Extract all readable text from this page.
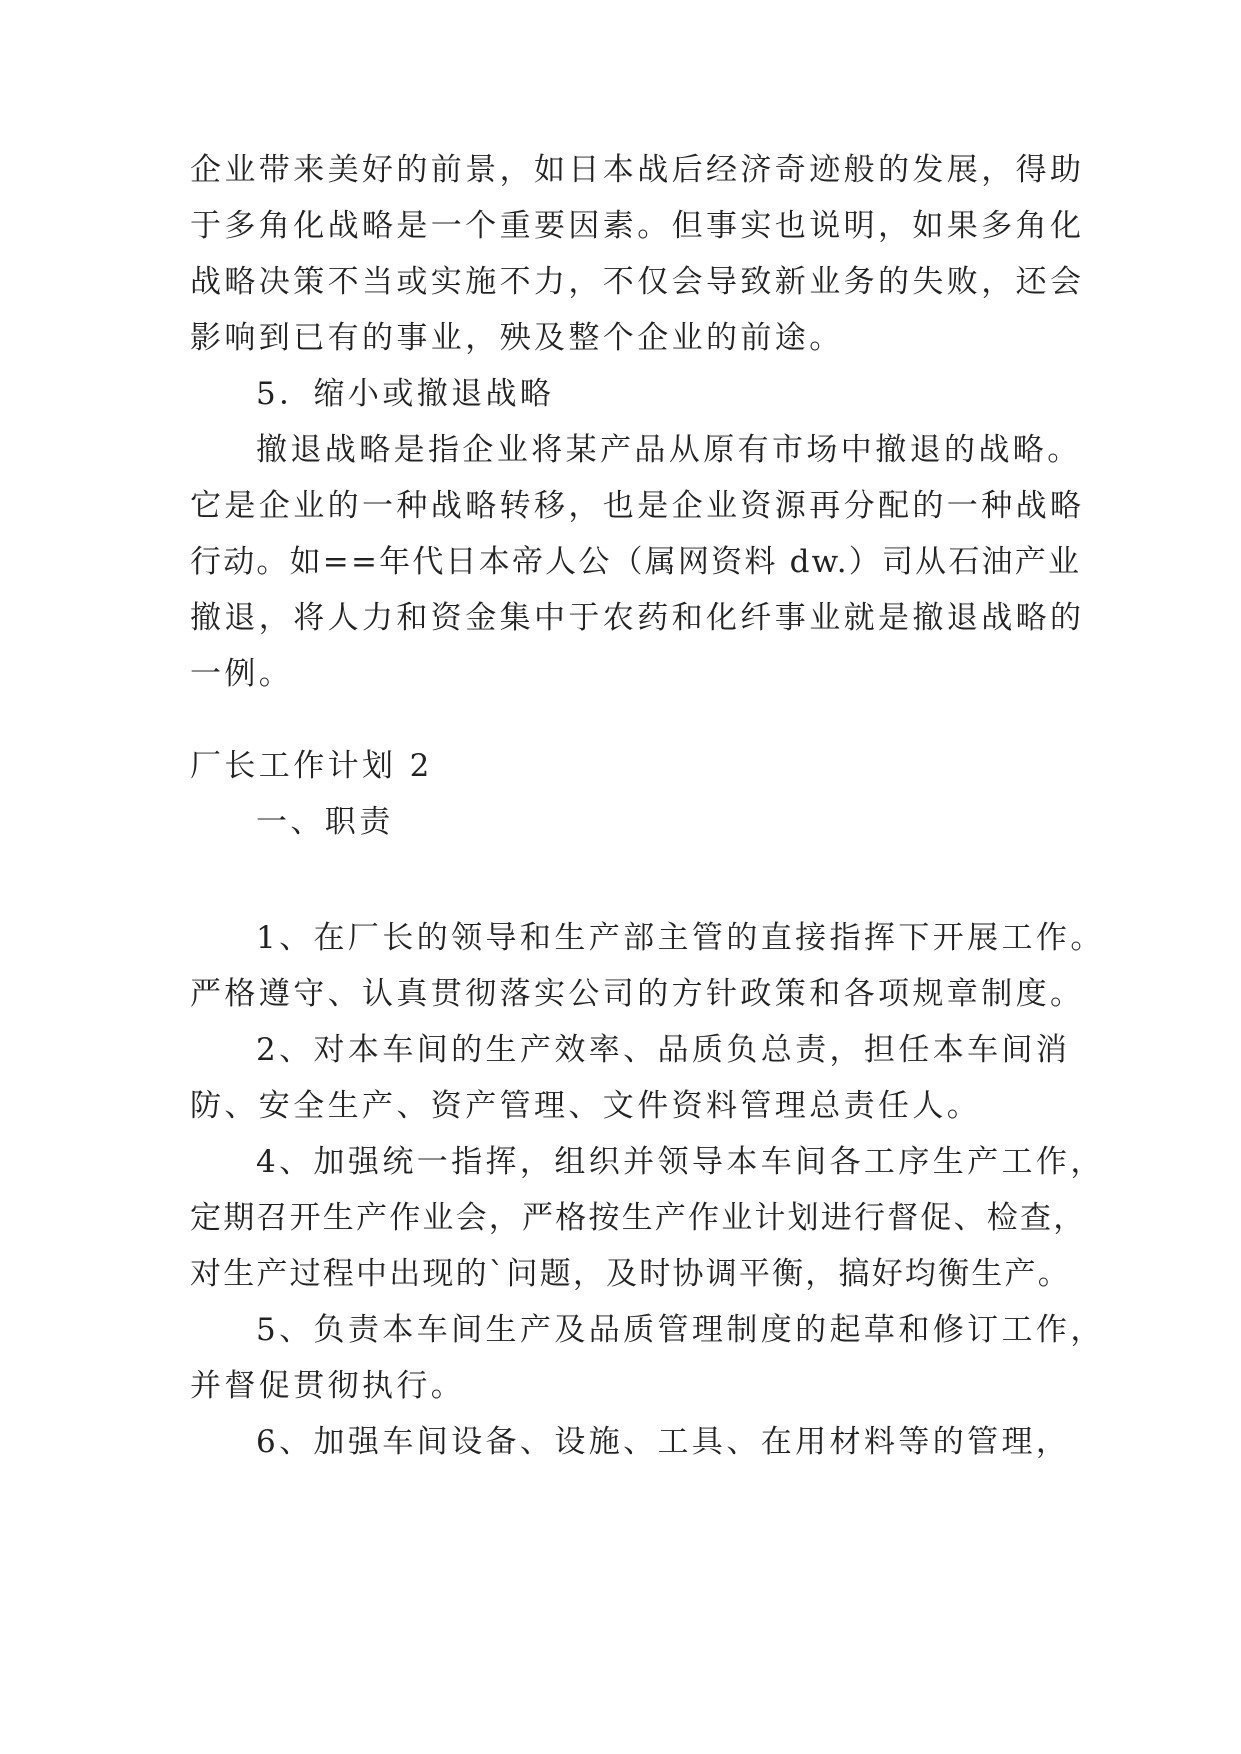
企业带来美好的前景，如日本战后经济奇迹般的发展，得助
于多角化战略是一个重要因素。但事实也说明，如果多角化
战略决策不当或实施不力，不仅会导致新业务的失败，还会
影响到已有的事业，殃及整个企业的前途。
5．缩小或撤退战略
撤退战略是指企业将某产品从原有市场中撤退的战略。
它是企业的一种战略转移，也是企业资源再分配的一种战略
行动。如==年代日本帝人公（属网资料 dw.）司从石油产业
撤退，将人力和资金集中于农药和化纤事业就是撤退战略的
一例。
厂长工作计划 2
一、职责
1、在厂长的领导和生产部主管的直接指挥下开展工作。
严格遵守、认真贯彻落实公司的方针政策和各项规章制度。
2、对本车间的生产效率、品质负总责，担任本车间消
防、安全生产、资产管理、文件资料管理总责任人。
4、加强统一指挥，组织并领导本车间各工序生产工作，
定期召开生产作业会，严格按生产作业计划进行督促、检查，
对生产过程中出现的`问题，及时协调平衡，搞好均衡生产。
5、负责本车间生产及品质管理制度的起草和修订工作，
并督促贯彻执行。
6、加强车间设备、设施、工具、在用材料等的管理，
